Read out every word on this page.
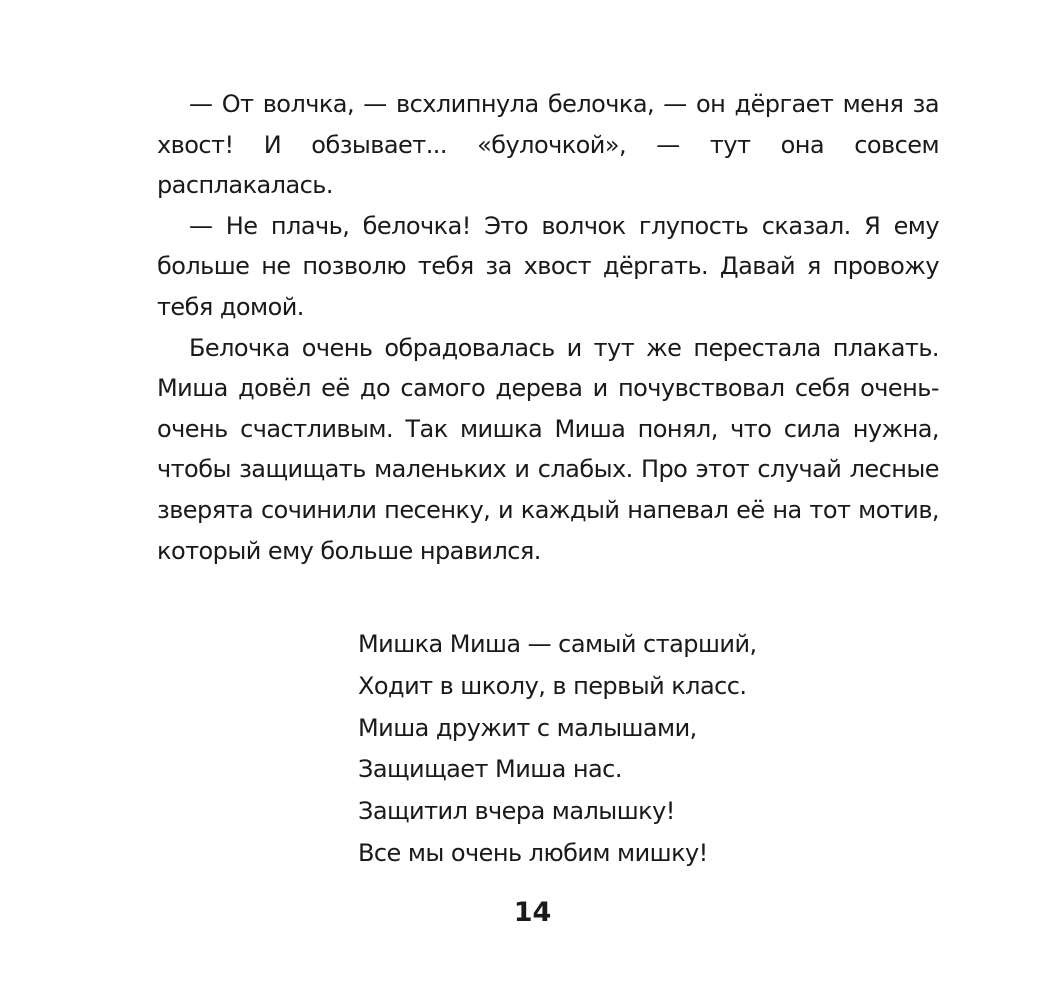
— От волчка, — всхлипнула белочка, — он дёргает меня за хвост! И обзывает... «булочкой», — тут она совсем расплакалась.

— Не плачь, белочка! Это волчок глупость сказал. Я ему больше не позволю тебя за хвост дёргать. Давай я провожу тебя домой.

Белочка очень обрадовалась и тут же перестала плакать. Миша довёл её до самого дерева и почувствовал себя очень-очень счастливым. Так мишка Миша понял, что сила нужна, чтобы защищать маленьких и слабых. Про этот случай лесные зверята сочинили песенку, и каждый напевал её на тот мотив, который ему больше нравился.

Мишка Миша — самый старший,
Ходит в школу, в первый класс.
Миша дружит с малышами,
Защищает Миша нас.
Защитил вчера малышку!
Все мы очень любим мишку!
14
